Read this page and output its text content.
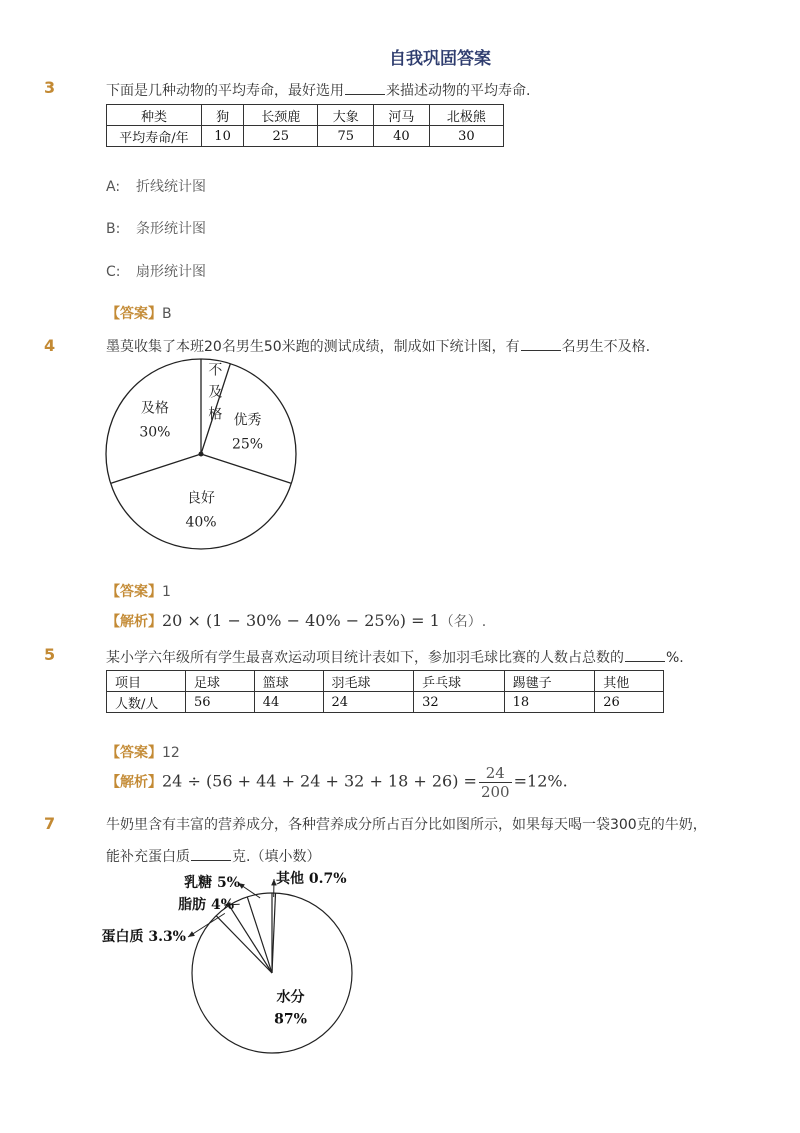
自我巩固答案
3	下面是几种动物的平均寿命，最好选用	来描述动物的平均寿命.
种类	狗	长颈鹿	大象	河马	北极熊
平均寿命/年	10	25	75	40	30
A: 折线统计图
B: 条形统计图
C: 扇形统计图
【答案】B
4	墨莫收集了本班20名男生50米跑的测试成绩，制成如下统计图，有	名男生不及格.
优秀
25%
良好
40%
及格
30%
不
及
格
【答案】1
【解析】20 × (1 − 30% − 40% − 25%) = 1（名）.
5	某小学六年级所有学生最喜欢运动项目统计表如下，参加羽毛球比赛的人数占总数的	%.
项目	足球	篮球	羽毛球	乒乓球	踢毽子	其他
人数/人	56	44	24	32	18	26
【答案】12
【解析】$24 \div (56 + 44 + 24 + 32 + 18 + 26) = \frac{24}{200} =12\%$.
7	牛奶里含有丰富的营养成分，各种营养成分所占百分比如图所示，如果每天喝一袋300克的牛奶，
能补充蛋白质	克.（填小数）
水分
87%
蛋白质 3.3%
脂肪 4%
乳糖 5%	其他 0.7%
